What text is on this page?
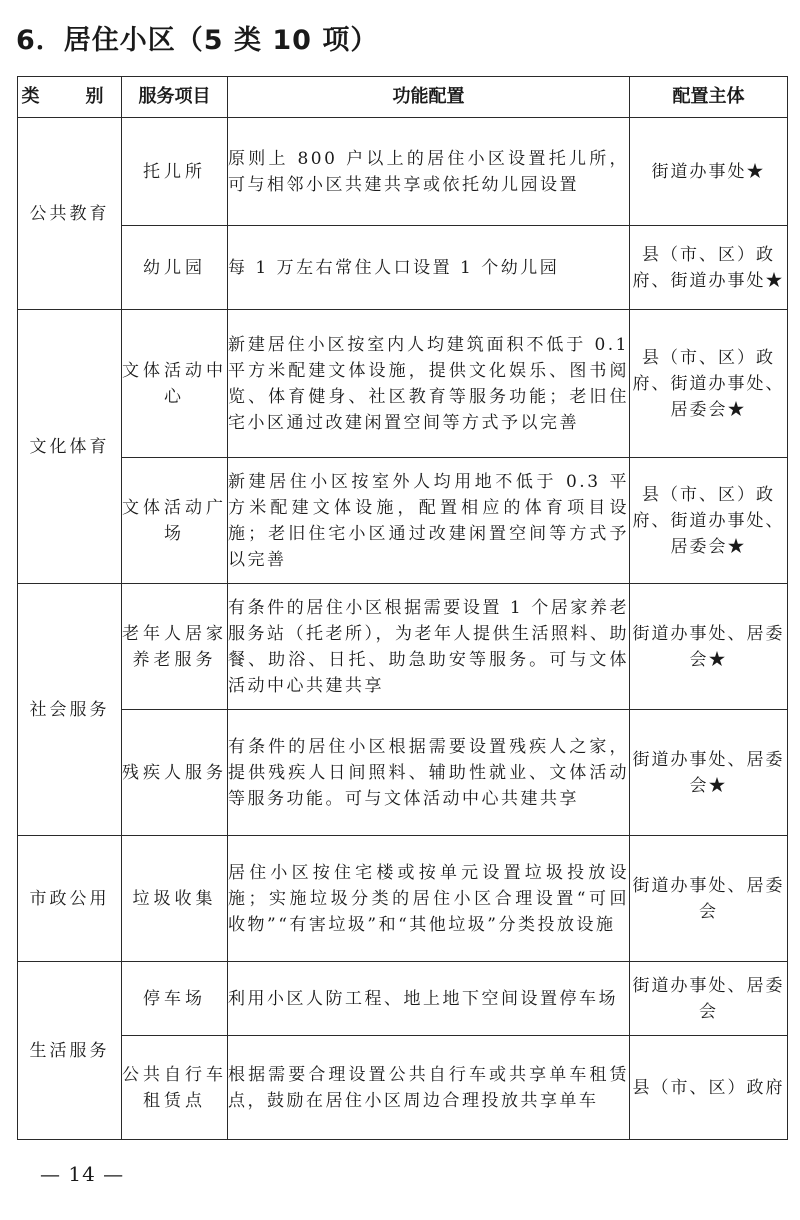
6．居住小区（5 类 10 项）
类　别	服务项目	功能配置	配置主体
公共教育	托儿所	原则上 800 户以上的居住小区设置托儿所，可与相邻小区共建共享或依托幼儿园设置	街道办事处★
	幼儿园	每 1 万左右常住人口设置 1 个幼儿园	县（市、区）政府、街道办事处★
文化体育	文体活动中心	新建居住小区按室内人均建筑面积不低于 0.1 平方米配建文体设施，提供文化娱乐、图书阅览、体育健身、社区教育等服务功能；老旧住宅小区通过改建闲置空间等方式予以完善	县（市、区）政府、街道办事处、居委会★
	文体活动广场	新建居住小区按室外人均用地不低于 0.3 平方米配建文体设施，配置相应的体育项目设施；老旧住宅小区通过改建闲置空间等方式予以完善	县（市、区）政府、街道办事处、居委会★
社会服务	老年人居家养老服务	有条件的居住小区根据需要设置 1 个居家养老服务站（托老所），为老年人提供生活照料、助餐、助浴、日托、助急助安等服务。可与文体活动中心共建共享	街道办事处、居委会★
	残疾人服务	有条件的居住小区根据需要设置残疾人之家，提供残疾人日间照料、辅助性就业、文体活动等服务功能。可与文体活动中心共建共享	街道办事处、居委会★
市政公用	垃圾收集	居住小区按住宅楼或按单元设置垃圾投放设施；实施垃圾分类的居住小区合理设置“可回收物”“有害垃圾”和“其他垃圾”分类投放设施	街道办事处、居委会
生活服务	停车场	利用小区人防工程、地上地下空间设置停车场	街道办事处、居委会
	公共自行车租赁点	根据需要合理设置公共自行车或共享单车租赁点，鼓励在居住小区周边合理投放共享单车	县（市、区）政府
— 14 —
